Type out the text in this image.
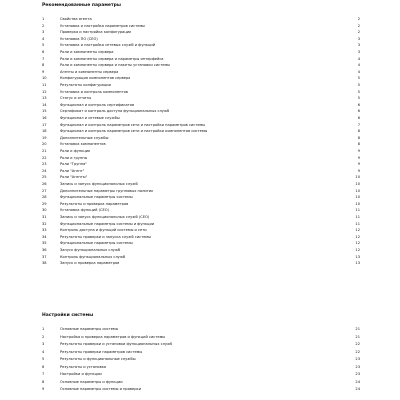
Рекомендованные параметры
1	Свойства агента	2
2	Установка и настройка параметров системы	2
3	Проверка и настройка конфигурации	2
4	Установка ПО (CEO)	3
5	Установка и настройка сетевых служб и функций	3
6	Роли и компоненты сервера	3
7	Роли и компоненты сервера и параметры интерфейса	4
8	Роли и компоненты сервера и пакеты установки системы	4
9	Агенты и компоненты сервера	4
10	Конфигурация компонентов сервера	5
11	Результаты конфигурации	5
12	Установка и контроль компонентов	5
13	Статус и отчеты	5
14	Функционал и контроль сертификатов	6
15	Сертификат и контроль доступа функциональных служб	6
16	Функционал и сетевые службы	6
17	Функционал и контроль параметров сети и настройки параметров системы	7
18	Функционал и контроль параметров сети и настройки компонентов системы	8
19	Дополнительные службы	8
20	Установка компонентов	8
21	Роли и функции	9
22	Роли и группы	9
23	Роли "Группа"	9
24	Роли "Агент"	9
25	Роли "Агенты"	10
26	Запись и запуск функциональных служб	10
27	Дополнительные параметры групповых политик	10
28	Функциональные параметры системы	10
29	Результаты и проверка параметров	10
30	Установка функций (CEO)	11
31	Запись и запуск функциональных служб (CEO)	11
32	Функциональные параметры системы и функции	11
33	Контроль доступа и функций системы и сети	12
34	Результаты проверки и запуска служб системы	12
35	Функциональные параметры системы	12
36	Запуск функциональных служб	12
37	Контроль функциональных служб	13
38	Запуск и проверка параметров	13
Настройки системы
1	Основные параметры системы	21
2	Настройка и проверка параметров и функций системы	21
3	Результаты проверки и установки функциональных служб	22
4	Результаты проверки параметров системы	22
5	Результаты и функциональные службы	23
6	Результаты и установка	23
7	Настройки и функции	23
8	Основные параметры и функции	24
9	Основные параметры системы и проверки	24
